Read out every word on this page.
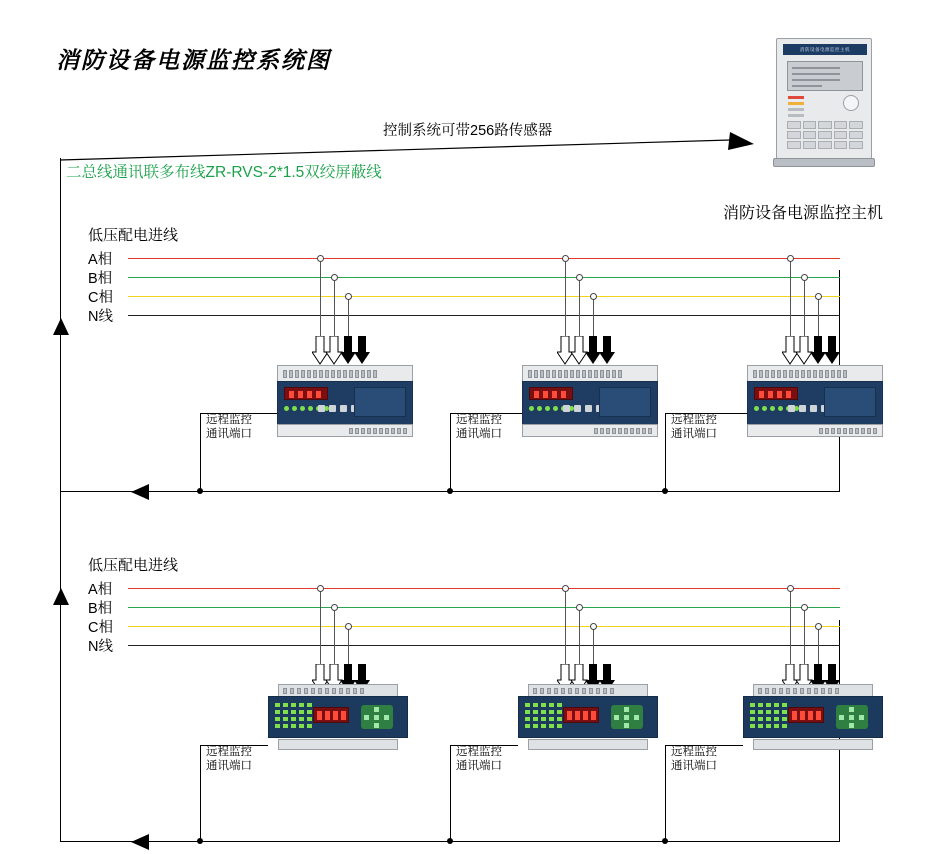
消防设备电源监控系统图
控制系统可带256路传感器
二总线通讯联多布线ZR-RVS-2*1.5双绞屏蔽线
消防设备电源监控主机
消防设备电源监控主机
低压配电进线
A相
B相
C相
N线
远程监控
通讯端口
远程监控
通讯端口
远程监控
通讯端口
低压配电进线
A相
B相
C相
N线
远程监控
通讯端口
远程监控
通讯端口
远程监控
通讯端口
